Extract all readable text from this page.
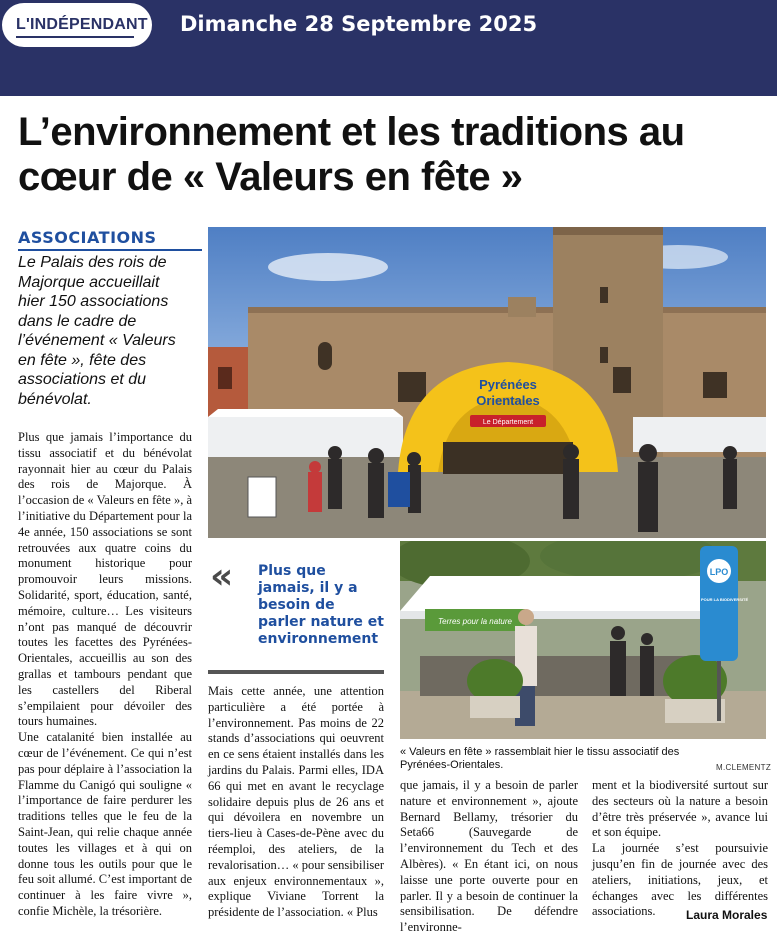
L'INDÉPENDANT Dimanche 28 Septembre 2025
L’environnement et les traditions au cœur de « Valeurs en fête »
ASSOCIATIONS

Le Palais des rois de Majorque accueillait hier 150 associations dans le cadre de l’événement « Valeurs en fête », fête des associations et du bénévolat.

Plus que jamais l’importance du tissu associatif et du bénévolat rayonnait hier au cœur du Palais des rois de Majorque. À l’occasion de « Valeurs en fête », à l’initiative du Département pour la 4e année, 150 associations se sont retrouvées aux quatre coins du monument historique pour promouvoir leurs missions. Solidarité, sport, éducation, santé, mémoire, culture… Les visiteurs n’ont pas manqué de découvrir toutes les facettes des Pyrénées-Orientales, accueillis au son des grallas et tambours pendant que les castellers del Riberal s’empilaient pour dévoiler des tours humaines.

Une catalanité bien installée au cœur de l’événement. Ce qui n’est pas pour déplaire à l’association la Flamme du Canigó qui souligne « l’importance de faire perdurer les traditions telles que le feu de la Saint-Jean, qui relie chaque année toutes les villages et à qui on donne tous les outils pour que le feu soit allumé. C’est important de continuer à les faire vivre », confie Michèle, la trésorière.

Pyrénées
Orientales
Le Département
« Plus que jamais, il y a besoin de parler nature et environnement

Mais cette année, une attention particulière a été portée à l’environnement. Pas moins de 22 stands d’associations qui oeuvrent en ce sens étaient installés dans les jardins du Palais. Parmi elles, IDA 66 qui met en avant le recyclage solidaire depuis plus de 26 ans et qui dévoilera en novembre un tiers-lieu à Cases-de-Pène avec du réemploi, des ateliers, de la revalorisation… « pour sensibiliser aux enjeux environnementaux », explique Viviane Torrent la présidente de l’association. « Plus

Terres pour la nature
LPO
AGIR POUR LA BIODIVERSITÉ
« Valeurs en fête » rassemblait hier le tissu associatif des Pyrénées-Orientales.	M.CLEMENTZ

que jamais, il y a besoin de parler nature et environnement », ajoute Bernard Bellamy, trésorier du Seta66 (Sauvegarde de l’environnement du Tech et des Albères). « En étant ici, on nous laisse une porte ouverte pour en parler. Il y a besoin de continuer la sensibilisation. De défendre l’environne-

ment et la biodiversité surtout sur des secteurs où la nature a besoin d’être très préservée », avance lui et son équipe.

La journée s’est poursuivie jusqu’en fin de journée avec des ateliers, initiations, jeux, et échanges avec les différentes associations.	Laura Morales
